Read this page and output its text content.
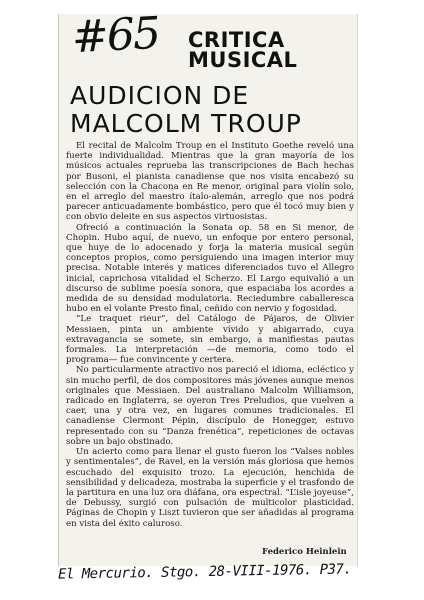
#65 CRITICA
MUSICAL
AUDICION DE
MALCOLM TROUP

El recital de Malcolm Troup en el Instituto Goethe reveló una fuerte individualidad. Mientras que la gran mayoría de los músicos actuales reprueba las transcripciones de Bach hechas por Busoni, el pianista canadiense que nos visita encabezó su selección con la Chacona en Re menor, original para violín solo, en el arreglo del maestro ítalo-alemán, arreglo que nos podrá parecer anticuadamente bombástico, pero que él tocó muy bien y con obvio deleite en sus aspectos virtuosistas.

Ofreció a continuación la Sonata op. 58 en Si menor, de Chopin. Hubo aquí, de nuevo, un enfoque por entero personal, que huye de lo adocenado y forja la materia musical según conceptos propios, como persiguiendo una imagen interior muy precisa. Notable interés y matices diferenciados tuvo el Allegro inicial, caprichosa vitalidad el Scherzo. El Largo equivalió a un discurso de sublime poesía sonora, que espaciaba los acordes a medida de su densidad modulatoria. Reciedumbre caballeresca hubo en el volante Presto final, ceñido con nervio y fogosidad.

“Le traquet rieur”, del Catálogo de Pájaros, de Olivier Messiaen, pinta un ambiente vívido y abigarrado, cuya extravagancia se somete, sin embargo, a manifiestas pautas formales. La interpretación —de memoria, como todo el programa— fue convincente y certera.

No particularmente atractivo nos pareció el idioma, ecléctico y sin mucho perfil, de dos compositores más jóvenes aunque menos originales que Messiaen. Del australiano Malcolm Williamson, radicado en Inglaterra, se oyeron Tres Preludios, que vuelven a caer, una y otra vez, en lugares comunes tradicionales. El canadiense Clermont Pépin, discípulo de Honegger, estuvo representado con su “Danza frenética”, repeticiones de octavas sobre un bajo obstinado.

Un acierto como para llenar el gusto fueron los “Valses nobles y sentimentales”, de Ravel, en la versión más gloriosa que hemos escuchado del exquisito trozo. La ejecución, henchida de sensibilidad y delicadeza, mostraba la superficie y el trasfondo de la partitura en una luz ora diáfana, ora espectral. “L’isle joyeuse”, de Debussy, surgió con pulsación de multicolor plasticidad. Páginas de Chopin y Liszt tuvieron que ser añadidas al programa en vista del éxito caluroso.

Federico Heinlein
El Mercurio. Stgo. 28-VIII-1976. P37.
